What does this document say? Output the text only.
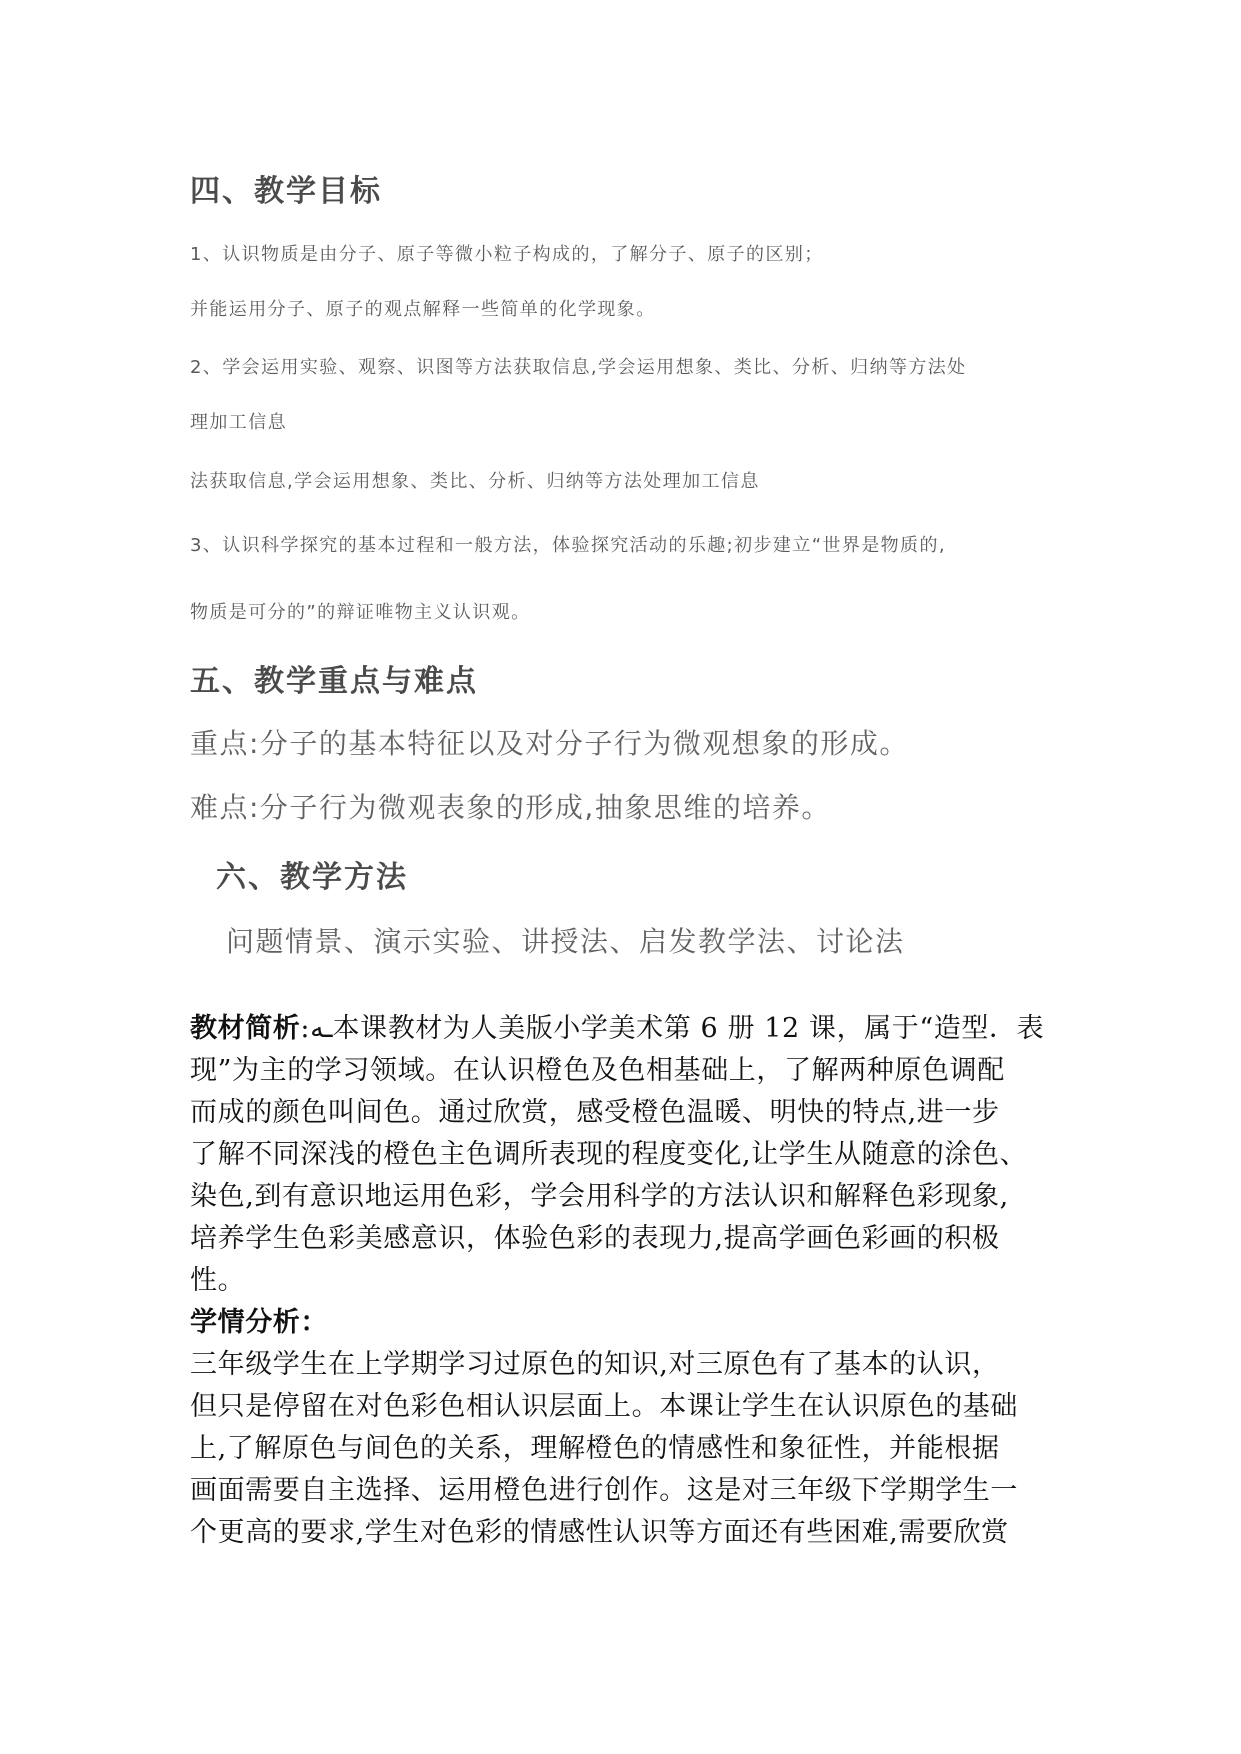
四、教学目标
1、认识物质是由分子、原子等微小粒子构成的，了解分子、原子的区别；
并能运用分子、原子的观点解释一些简单的化学现象。
2、学会运用实验、观察、识图等方法获取信息,学会运用想象、类比、分析、归纳等方法处
理加工信息
法获取信息,学会运用想象、类比、分析、归纳等方法处理加工信息
3、认识科学探究的基本过程和一般方法，体验探究活动的乐趣;初步建立“世界是物质的,
物质是可分的”的辩证唯物主义认识观。
五、教学重点与难点
重点:分子的基本特征以及对分子行为微观想象的形成。
难点:分子行为微观表象的形成,抽象思维的培养。
六、教学方法
问题情景、演示实验、讲授法、启发教学法、讨论法
教材简析:ـه本课教材为人美版小学美术第 6 册 12 课，属于“造型．表
现”为主的学习领域。在认识橙色及色相基础上，了解两种原色调配
而成的颜色叫间色。通过欣赏，感受橙色温暖、明快的特点,进一步
了解不同深浅的橙色主色调所表现的程度变化,让学生从随意的涂色、
染色,到有意识地运用色彩，学会用科学的方法认识和解释色彩现象,
培养学生色彩美感意识，体验色彩的表现力,提高学画色彩画的积极
性。
学情分析：
三年级学生在上学期学习过原色的知识,对三原色有了基本的认识，
但只是停留在对色彩色相认识层面上。本课让学生在认识原色的基础
上,了解原色与间色的关系，理解橙色的情感性和象征性，并能根据
画面需要自主选择、运用橙色进行创作。这是对三年级下学期学生一
个更高的要求,学生对色彩的情感性认识等方面还有些困难,需要欣赏
